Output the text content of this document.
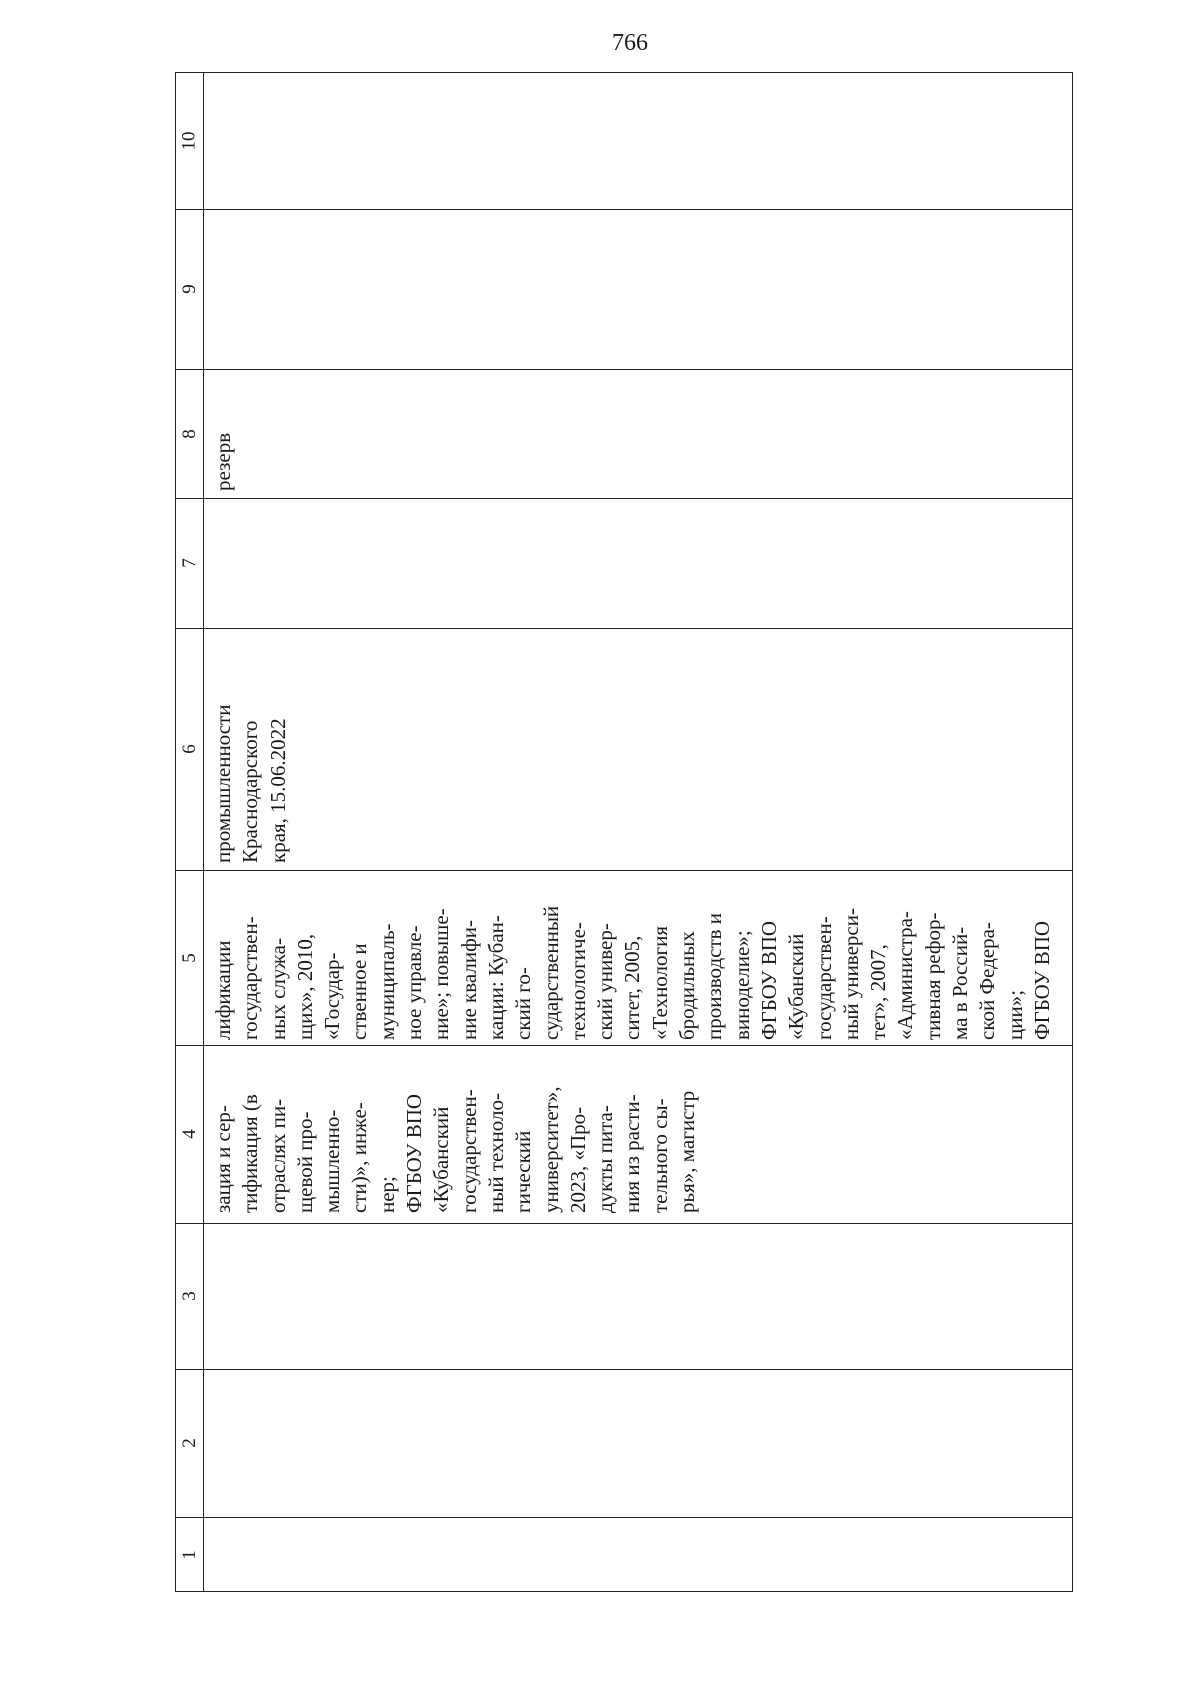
766
10
9
8
7
6
5
4
3
2
1
зация и сер- тификация (в отраслях пи- щевой про- мышленно- сти)», инже- нер; ФГБОУ ВПО «Кубанский государствен- ный техноло- гический университет», 2023, «Про- дукты пита- ния из расти- тельного сы- рья», магистр
лификации государствен- ных служа- щих», 2010, «Государ- ственное и муниципаль- ное управле- ние»; повыше- ние квалифи- кации: Кубан- ский го- сударственный технологиче- ский универ- ситет, 2005, «Технология бродильных производств и виноделие»; ФГБОУ ВПО «Кубанский государствен- ный универси- тет», 2007, «Администра- тивная рефор- ма в Россий- ской Федера- ции»; ФГБОУ ВПО
промышленности Краснодарского края, 15.06.2022
резерв
